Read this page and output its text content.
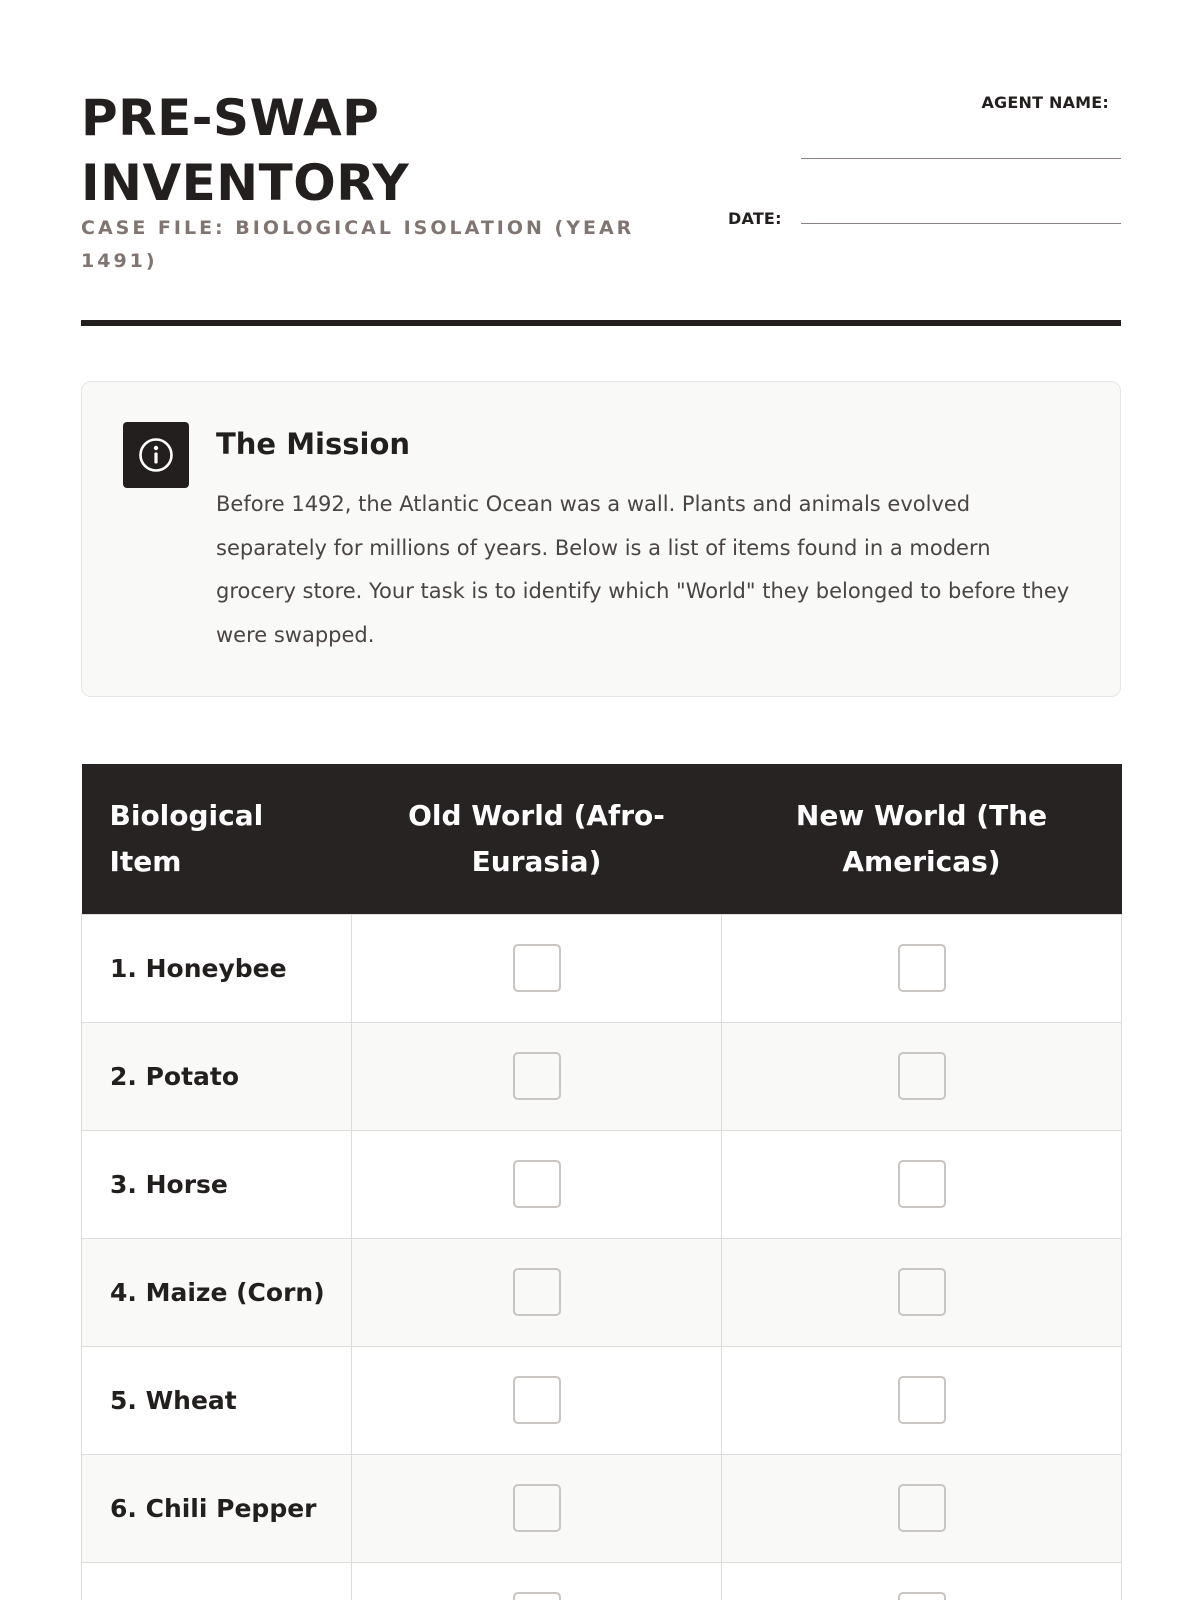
PRE-SWAP INVENTORY
CASE FILE: BIOLOGICAL ISOLATION (YEAR 1491)
AGENT NAME:
DATE:
The Mission

Before 1492, the Atlantic Ocean was a wall. Plants and animals evolved separately for millions of years. Below is a list of items found in a modern grocery store. Your task is to identify which "World" they belonged to before they were swapped.

Biological Item	Old World (Afro-Eurasia)	New World (The Americas)
1. Honeybee		
2. Potato		
3. Horse		
4. Maize (Corn)		
5. Wheat		
6. Chili Pepper		
